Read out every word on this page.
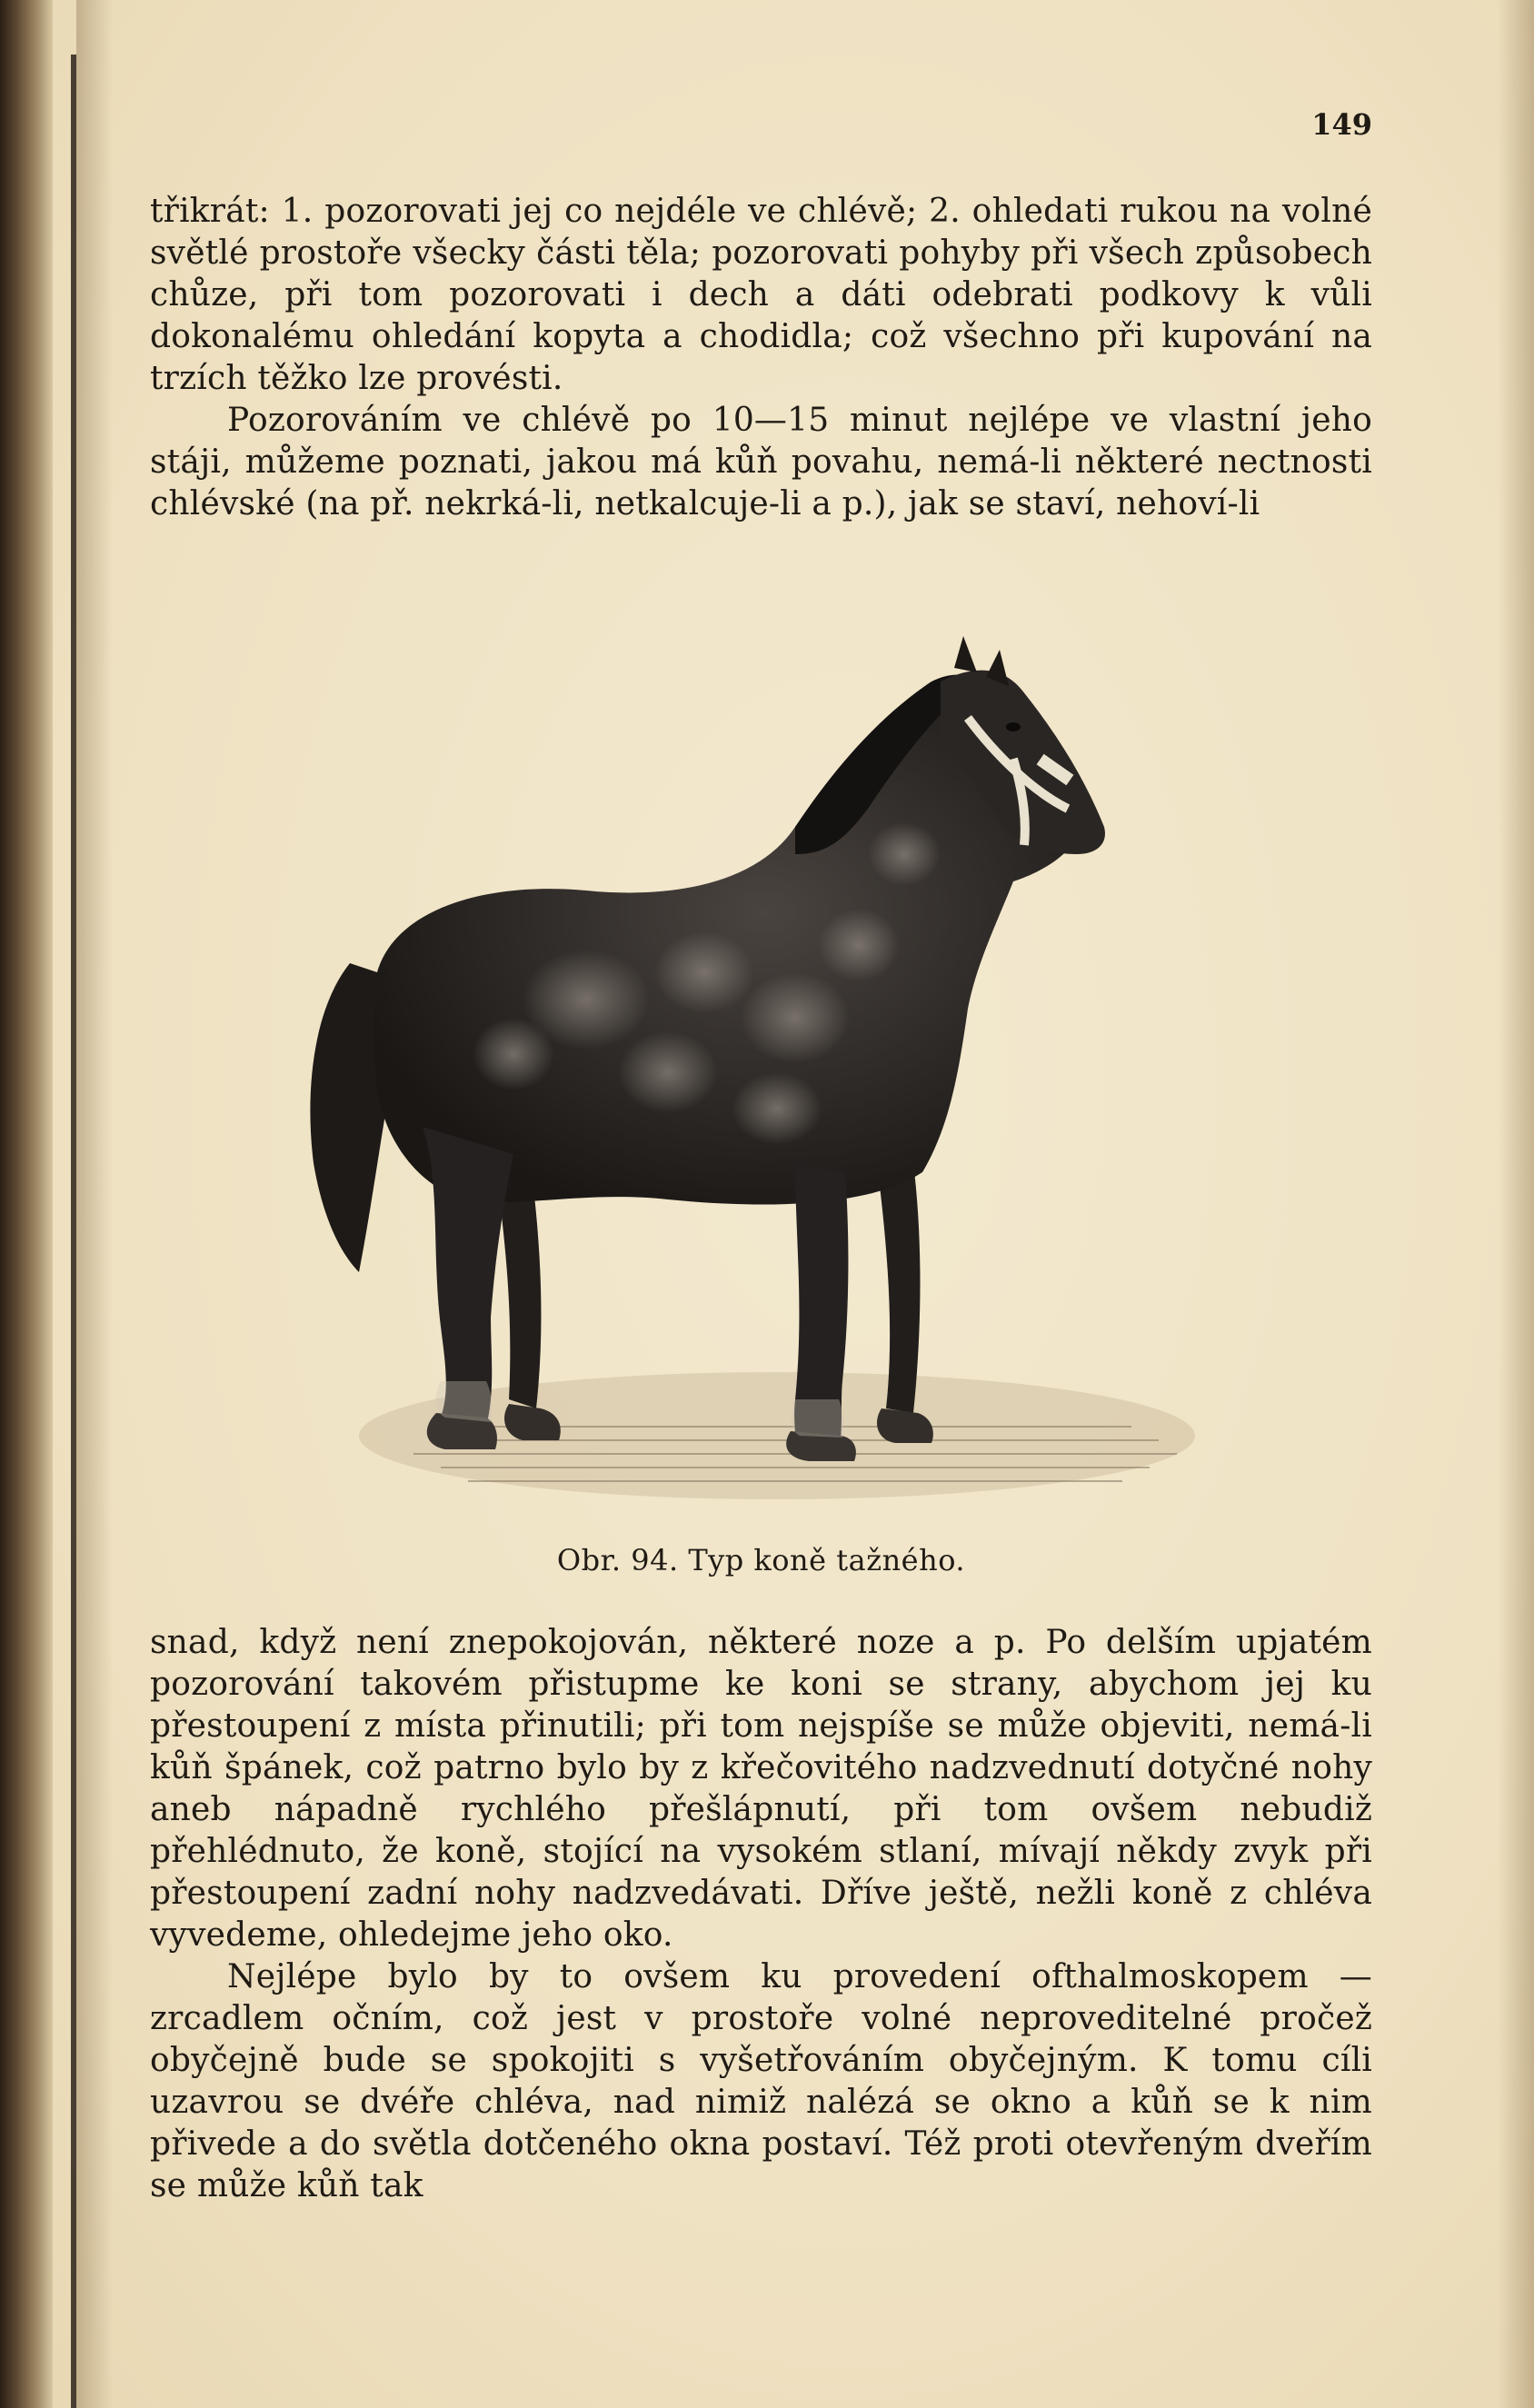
149

třikrát: 1. pozorovati jej co nejdéle ve chlévě; 2. ohledati rukou na volné světlé prostoře všecky části těla; pozorovati pohyby při všech způsobech chůze, při tom pozorovati i dech a dáti odebrati podkovy k vůli dokonalému ohledání kopyta a chodidla; což všechno při kupování na trzích těžko lze provésti.

Pozorováním ve chlévě po 10—15 minut nejlépe ve vlastní jeho stáji, můžeme poznati, jakou má kůň povahu, nemá-li některé nectnosti chlévské (na př. nekrká-li, netkalcuje-li a p.), jak se staví, nehoví-li

Obr. 94. Typ koně tažného.

snad, když není znepokojován, některé noze a p. Po delším upjatém pozorování takovém přistupme ke koni se strany, abychom jej ku přestoupení z místa přinutili; při tom nejspíše se může objeviti, nemá-li kůň špánek, což patrno bylo by z křečovitého nadzvednutí dotyčné nohy aneb nápadně rychlého přešlápnutí, při tom ovšem nebudiž přehlédnuto, že koně, stojící na vysokém stlaní, mívají někdy zvyk při přestoupení zadní nohy nadzvedávati. Dříve ještě, nežli koně z chléva vyvedeme, ohledejme jeho oko.

Nejlépe bylo by to ovšem ku provedení ofthalmoskopem — zrcadlem očním, což jest v prostoře volné neproveditelné pročež obyčejně bude se spokojiti s vyšetřováním obyčejným. K tomu cíli uzavrou se dvéře chléva, nad nimiž nalézá se okno a kůň se k nim přivede a do světla dotčeného okna postaví. Též proti otevřeným dveřím se může kůň tak
